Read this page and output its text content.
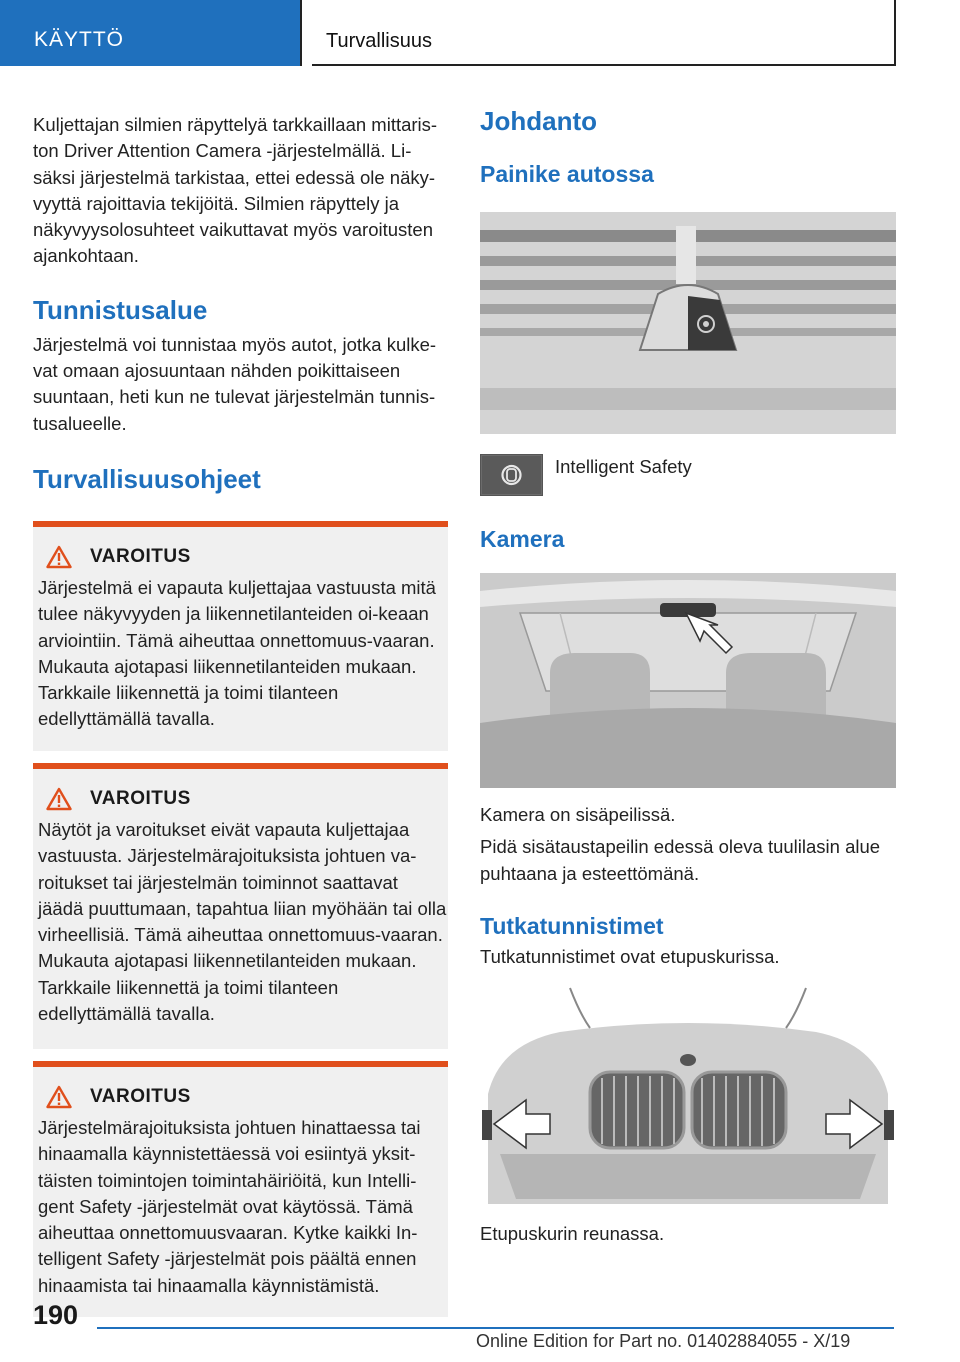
KÄYTTÖ	Turvallisuus

Kuljettajan silmien räpyttelyä tarkkaillaan mittaris-ton Driver Attention Camera -järjestelmällä. Li-säksi järjestelmä tarkistaa, ettei edessä ole näky-vyyttä rajoittavia tekijöitä. Silmien räpyttely ja näkyvyysolosuhteet vaikuttavat myös varoitusten ajankohtaan.

Tunnistusalue

Järjestelmä voi tunnistaa myös autot, jotka kulke-vat omaan ajosuuntaan nähden poikittaiseen suuntaan, heti kun ne tulevat järjestelmän tunnis-tusalueelle.

Turvallisuusohjeet
VAROITUS

Järjestelmä ei vapauta kuljettajaa vastuusta mitä tulee näkyvyyden ja liikennetilanteiden oi-keaan arviointiin. Tämä aiheuttaa onnettomuus-vaaran. Mukauta ajotapasi liikennetilanteiden mukaan. Tarkkaile liikennettä ja toimi tilanteen edellyttämällä tavalla.

VAROITUS

Näytöt ja varoitukset eivät vapauta kuljettajaa vastuusta. Järjestelmärajoituksista johtuen va-roitukset tai järjestelmän toiminnot saattavat jäädä puuttumaan, tapahtua liian myöhään tai olla virheellisiä. Tämä aiheuttaa onnettomuus-vaaran. Mukauta ajotapasi liikennetilanteiden mukaan. Tarkkaile liikennettä ja toimi tilanteen edellyttämällä tavalla.

VAROITUS

Järjestelmärajoituksista johtuen hinattaessa tai hinaamalla käynnistettäessä voi esiintyä yksit-täisten toimintojen toimintahäiriöitä, kun Intelli-gent Safety -järjestelmät ovat käytössä. Tämä aiheuttaa onnettomuusvaaran. Kytke kaikki In-telligent Safety -järjestelmät pois päältä ennen hinaamista tai hinaamalla käynnistämistä.

Johdanto
Painike autossa

Intelligent Safety

Kamera

Kamera on sisäpeilissä.

Pidä sisätaustapeilin edessä oleva tuulilasin alue puhtaana ja esteettömänä.

Tutkatunnistimet

Tutkatunnistimet ovat etupuskurissa.

Etupuskurin reunassa.

190
Online Edition for Part no. 01402884055 - X/19
